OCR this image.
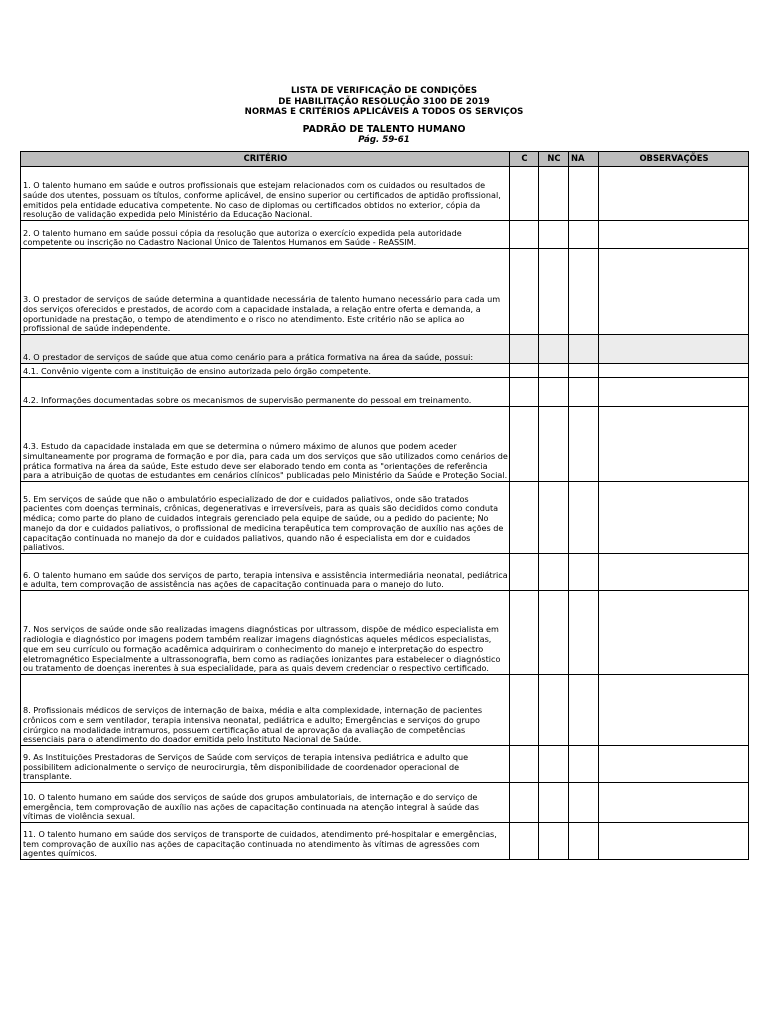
LISTA DE VERIFICAÇÃO DE CONDIÇÕES
DE HABILITAÇÃO RESOLUÇÃO 3100 DE 2019
NORMAS E CRITÉRIOS APLICÁVEIS A TODOS OS SERVIÇOS
PADRÃO DE TALENTO HUMANO
Pág. 59-61
CRITÉRIO	C	NC	NA	OBSERVAÇÕES
1. O talento humano em saúde e outros profissionais que estejam relacionados com os cuidados ou resultados de saúde dos utentes, possuam os títulos, conforme aplicável, de ensino superior ou certificados de aptidão profissional, emitidos pela entidade educativa competente. No caso de diplomas ou certificados obtidos no exterior, cópia da resolução de validação expedida pelo Ministério da Educação Nacional.				
2. O talento humano em saúde possui cópia da resolução que autoriza o exercício expedida pela autoridade competente ou inscrição no Cadastro Nacional Único de Talentos Humanos em Saúde - ReASSIM.				
3. O prestador de serviços de saúde determina a quantidade necessária de talento humano necessário para cada um dos serviços oferecidos e prestados, de acordo com a capacidade instalada, a relação entre oferta e demanda, a oportunidade na prestação, o tempo de atendimento e o risco no atendimento. Este critério não se aplica ao profissional de saúde independente.				
4. O prestador de serviços de saúde que atua como cenário para a prática formativa na área da saúde, possui:				
4.1. Convênio vigente com a instituição de ensino autorizada pelo órgão competente.				
4.2. Informações documentadas sobre os mecanismos de supervisão permanente do pessoal em treinamento.				
4.3. Estudo da capacidade instalada em que se determina o número máximo de alunos que podem aceder simultaneamente por programa de formação e por dia, para cada um dos serviços que são utilizados como cenários de prática formativa na área da saúde, Este estudo deve ser elaborado tendo em conta as "orientações de referência para a atribuição de quotas de estudantes em cenários clínicos" publicadas pelo Ministério da Saúde e Proteção Social.				
5. Em serviços de saúde que não o ambulatório especializado de dor e cuidados paliativos, onde são tratados pacientes com doenças terminais, crônicas, degenerativas e irreversíveis, para as quais são decididos como conduta médica; como parte do plano de cuidados integrais gerenciado pela equipe de saúde, ou a pedido do paciente; No manejo da dor e cuidados paliativos, o profissional de medicina terapêutica tem comprovação de auxílio nas ações de capacitação continuada no manejo da dor e cuidados paliativos, quando não é especialista em dor e cuidados paliativos.				
6. O talento humano em saúde dos serviços de parto, terapia intensiva e assistência intermediária neonatal, pediátrica e adulta, tem comprovação de assistência nas ações de capacitação continuada para o manejo do luto.				
7. Nos serviços de saúde onde são realizadas imagens diagnósticas por ultrassom, dispõe de médico especialista em radiologia e diagnóstico por imagens podem também realizar imagens diagnósticas aqueles médicos especialistas, que em seu currículo ou formação acadêmica adquiriram o conhecimento do manejo e interpretação do espectro eletromagnético Especialmente a ultrassonografia, bem como as radiações ionizantes para estabelecer o diagnóstico ou tratamento de doenças inerentes à sua especialidade, para as quais devem credenciar o respectivo certificado.				
8. Profissionais médicos de serviços de internação de baixa, média e alta complexidade, internação de pacientes crônicos com e sem ventilador, terapia intensiva neonatal, pediátrica e adulto; Emergências e serviços do grupo cirúrgico na modalidade intramuros, possuem certificação atual de aprovação da avaliação de competências essenciais para o atendimento do doador emitida pelo Instituto Nacional de Saúde.				
9. As Instituições Prestadoras de Serviços de Saúde com serviços de terapia intensiva pediátrica e adulto que possibilitem adicionalmente o serviço de neurocirurgia, têm disponibilidade de coordenador operacional de transplante.				
10. O talento humano em saúde dos serviços de saúde dos grupos ambulatoriais, de internação e do serviço de emergência, tem comprovação de auxílio nas ações de capacitação continuada na atenção integral à saúde das vítimas de violência sexual.				
11. O talento humano em saúde dos serviços de transporte de cuidados, atendimento pré-hospitalar e emergências, tem comprovação de auxílio nas ações de capacitação continuada no atendimento às vítimas de agressões com agentes químicos.				
